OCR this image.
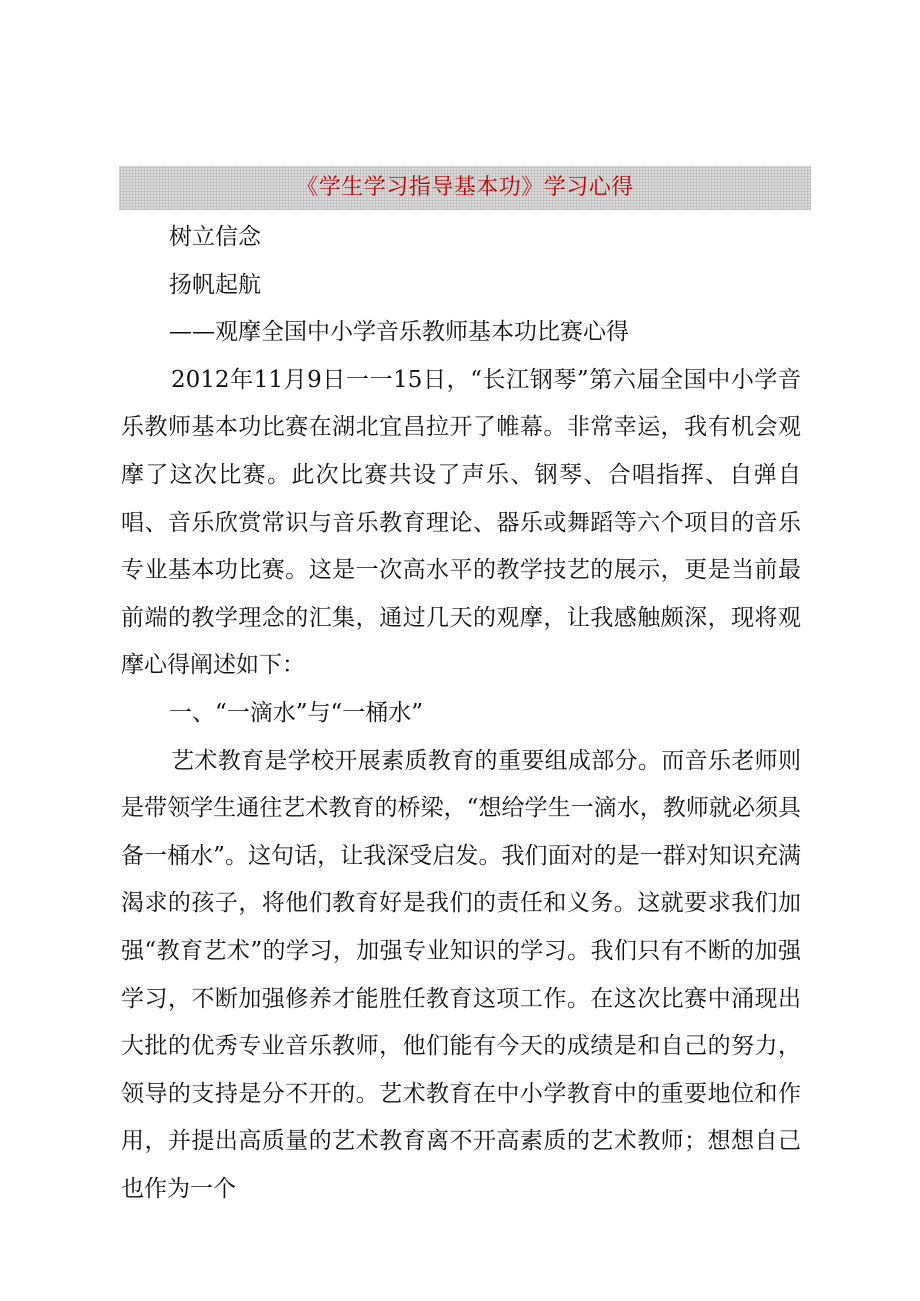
《学生学习指导基本功》学习心得

树立信念

扬帆起航

——观摩全国中小学音乐教师基本功比赛心得

2012年11月9日一一15日，“长江钢琴”第六届全国中小学音乐教师基本功比赛在湖北宜昌拉开了帷幕。非常幸运，我有机会观摩了这次比赛。此次比赛共设了声乐、钢琴、合唱指挥、自弹自唱、音乐欣赏常识与音乐教育理论、器乐或舞蹈等六个项目的音乐专业基本功比赛。这是一次高水平的教学技艺的展示，更是当前最前端的教学理念的汇集，通过几天的观摩，让我感触颇深，现将观摩心得阐述如下：

一、“一滴水”与“一桶水”

艺术教育是学校开展素质教育的重要组成部分。而音乐老师则是带领学生通往艺术教育的桥梁，“想给学生一滴水，教师就必须具备一桶水”。这句话，让我深受启发。我们面对的是一群对知识充满渴求的孩子，将他们教育好是我们的责任和义务。这就要求我们加强“教育艺术”的学习，加强专业知识的学习。我们只有不断的加强学习，不断加强修养才能胜任教育这项工作。在这次比赛中涌现出大批的优秀专业音乐教师，他们能有今天的成绩是和自己的努力，领导的支持是分不开的。艺术教育在中小学教育中的重要地位和作用，并提出高质量的艺术教育离不开高素质的艺术教师；想想自己也作为一个
